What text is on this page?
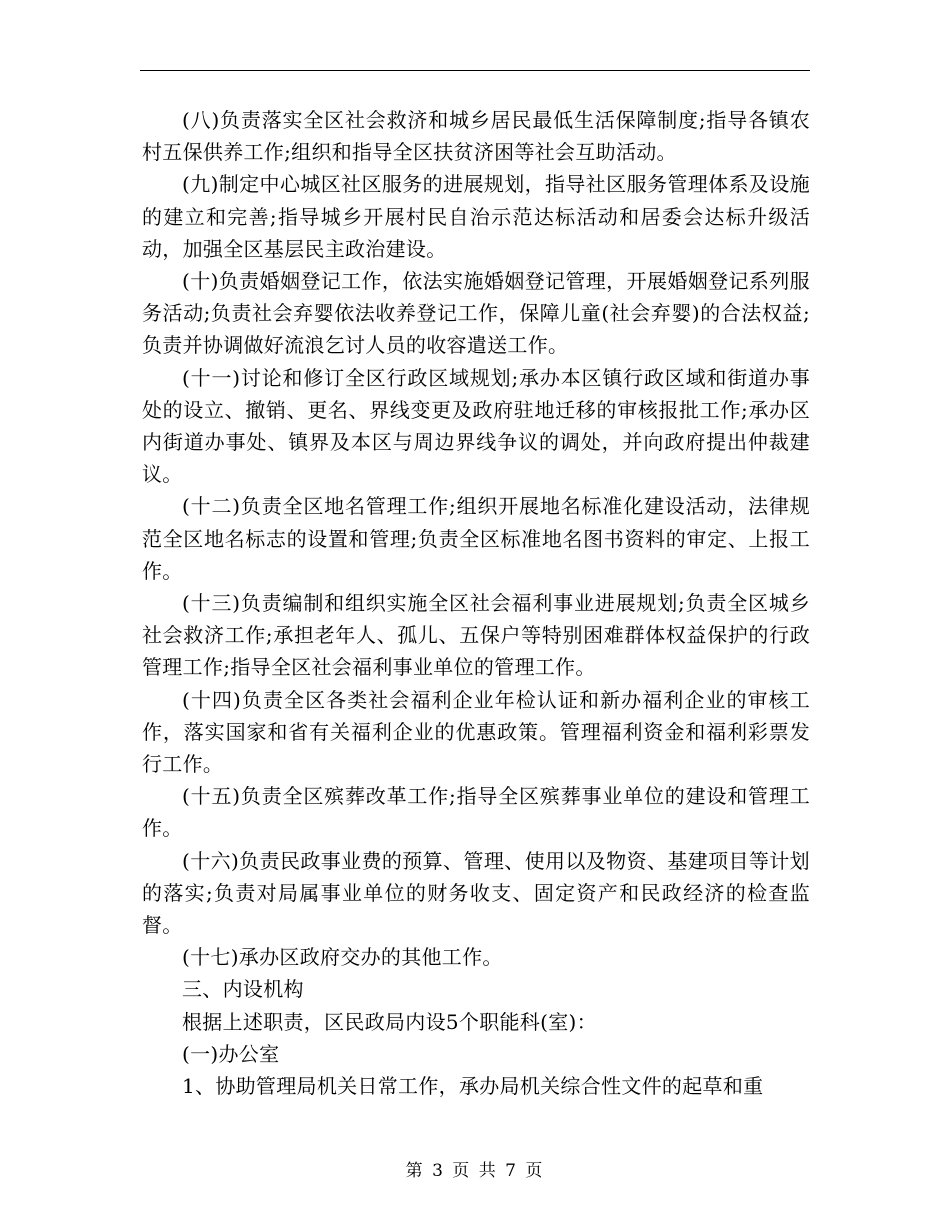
(八)负责落实全区社会救济和城乡居民最低生活保障制度;指导各镇农村五保供养工作;组织和指导全区扶贫济困等社会互助活动。

(九)制定中心城区社区服务的进展规划，指导社区服务管理体系及设施的建立和完善;指导城乡开展村民自治示范达标活动和居委会达标升级活动，加强全区基层民主政治建设。

(十)负责婚姻登记工作，依法实施婚姻登记管理，开展婚姻登记系列服务活动;负责社会弃婴依法收养登记工作，保障儿童(社会弃婴)的合法权益;负责并协调做好流浪乞讨人员的收容遣送工作。

(十一)讨论和修订全区行政区域规划;承办本区镇行政区域和街道办事处的设立、撤销、更名、界线变更及政府驻地迁移的审核报批工作;承办区内街道办事处、镇界及本区与周边界线争议的调处，并向政府提出仲裁建议。

(十二)负责全区地名管理工作;组织开展地名标准化建设活动，法律规范全区地名标志的设置和管理;负责全区标准地名图书资料的审定、上报工作。

(十三)负责编制和组织实施全区社会福利事业进展规划;负责全区城乡社会救济工作;承担老年人、孤儿、五保户等特别困难群体权益保护的行政管理工作;指导全区社会福利事业单位的管理工作。

(十四)负责全区各类社会福利企业年检认证和新办福利企业的审核工作，落实国家和省有关福利企业的优惠政策。管理福利资金和福利彩票发行工作。

(十五)负责全区殡葬改革工作;指导全区殡葬事业单位的建设和管理工作。

(十六)负责民政事业费的预算、管理、使用以及物资、基建项目等计划的落实;负责对局属事业单位的财务收支、固定资产和民政经济的检查监督。

(十七)承办区政府交办的其他工作。

三、内设机构

根据上述职责，区民政局内设5个职能科(室)：

(一)办公室

1、协助管理局机关日常工作，承办局机关综合性文件的起草和重

第 3 页 共 7 页
